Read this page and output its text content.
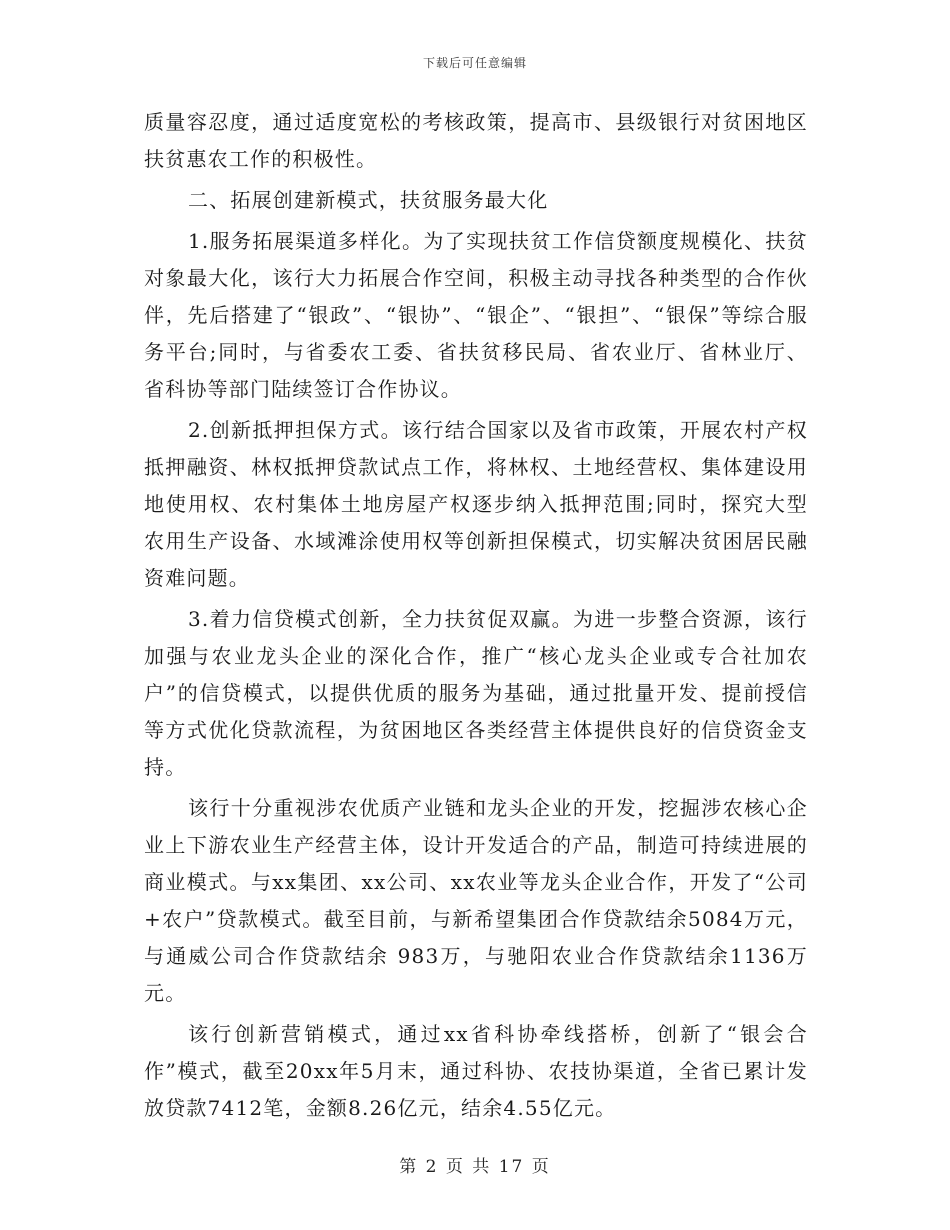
下载后可任意编辑

质量容忍度，通过适度宽松的考核政策，提高市、县级银行对贫困地区扶贫惠农工作的积极性。

二、拓展创建新模式，扶贫服务最大化

1.服务拓展渠道多样化。为了实现扶贫工作信贷额度规模化、扶贫对象最大化，该行大力拓展合作空间，积极主动寻找各种类型的合作伙伴，先后搭建了“银政”、“银协”、“银企”、“银担”、“银保”等综合服务平台;同时，与省委农工委、省扶贫移民局、省农业厅、省林业厅、省科协等部门陆续签订合作协议。

2.创新抵押担保方式。该行结合国家以及省市政策，开展农村产权抵押融资、林权抵押贷款试点工作，将林权、土地经营权、集体建设用地使用权、农村集体土地房屋产权逐步纳入抵押范围;同时，探究大型农用生产设备、水域滩涂使用权等创新担保模式，切实解决贫困居民融资难问题。

3.着力信贷模式创新，全力扶贫促双赢。为进一步整合资源，该行加强与农业龙头企业的深化合作，推广“核心龙头企业或专合社加农户”的信贷模式，以提供优质的服务为基础，通过批量开发、提前授信等方式优化贷款流程，为贫困地区各类经营主体提供良好的信贷资金支持。

该行十分重视涉农优质产业链和龙头企业的开发，挖掘涉农核心企业上下游农业生产经营主体，设计开发适合的产品，制造可持续进展的商业模式。与xx集团、xx公司、xx农业等龙头企业合作，开发了“公司+农户”贷款模式。截至目前，与新希望集团合作贷款结余5084万元，与通威公司合作贷款结余 983万，与驰阳农业合作贷款结余1136万元。

该行创新营销模式，通过xx省科协牵线搭桥，创新了“银会合作”模式，截至20xx年5月末，通过科协、农技协渠道，全省已累计发放贷款7412笔，金额8.26亿元，结余4.55亿元。

第 2 页 共 17 页
